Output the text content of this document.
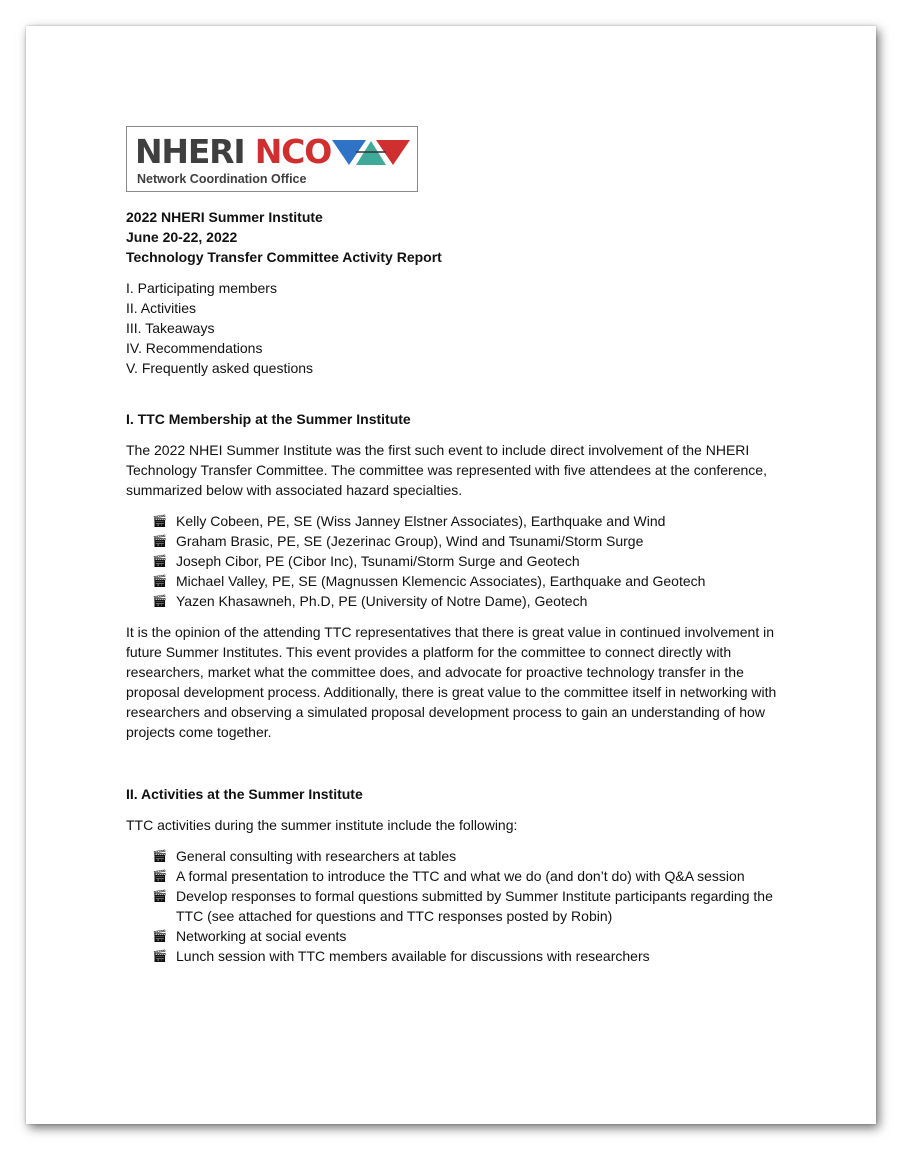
NHERI NCO
Network Coordination Office
2022 NHERI Summer Institute
June 20-22, 2022
Technology Transfer Committee Activity Report
I. Participating members
II. Activities
III. Takeaways
IV. Recommendations
V. Frequently asked questions
I. TTC Membership at the Summer Institute
The 2022 NHEI Summer Institute was the first such event to include direct involvement of the NHERI Technology Transfer Committee. The committee was represented with five attendees at the conference, summarized below with associated hazard specialties.
🎬︎ Kelly Cobeen, PE, SE (Wiss Janney Elstner Associates), Earthquake and Wind
🎬︎ Graham Brasic, PE, SE (Jezerinac Group), Wind and Tsunami/Storm Surge
🎬︎ Joseph Cibor, PE (Cibor Inc), Tsunami/Storm Surge and Geotech
🎬︎ Michael Valley, PE, SE (Magnussen Klemencic Associates), Earthquake and Geotech
🎬︎ Yazen Khasawneh, Ph.D, PE (University of Notre Dame), Geotech
It is the opinion of the attending TTC representatives that there is great value in continued involvement in future Summer Institutes. This event provides a platform for the committee to connect directly with researchers, market what the committee does, and advocate for proactive technology transfer in the proposal development process. Additionally, there is great value to the committee itself in networking with researchers and observing a simulated proposal development process to gain an understanding of how projects come together.
II. Activities at the Summer Institute
TTC activities during the summer institute include the following:
🎬︎ General consulting with researchers at tables
🎬︎ A formal presentation to introduce the TTC and what we do (and don’t do) with Q&A session
🎬︎ Develop responses to formal questions submitted by Summer Institute participants regarding the TTC (see attached for questions and TTC responses posted by Robin)
🎬︎ Networking at social events
🎬︎ Lunch session with TTC members available for discussions with researchers
